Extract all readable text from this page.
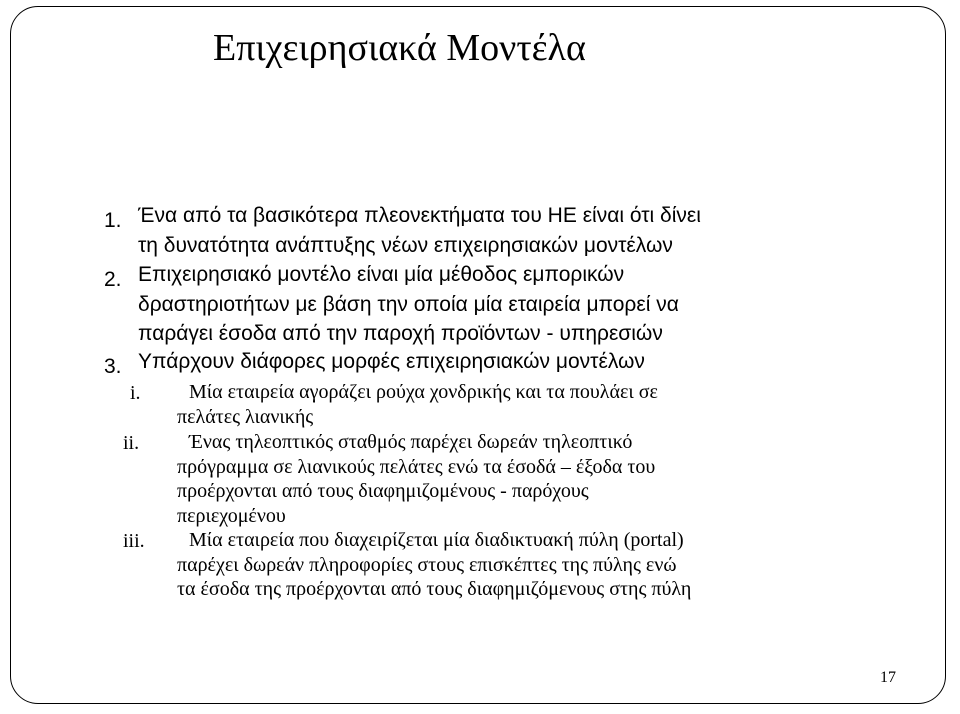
Επιχειρησιακά Μοντέλα
1. Ένα από τα βασικότερα πλεονεκτήματα του ΗΕ είναι ότι δίνει
τη δυνατότητα ανάπτυξης νέων επιχειρησιακών μοντέλων
2. Επιχειρησιακό μοντέλο είναι μία μέθοδος εμπορικών
δραστηριοτήτων με βάση την οποία μία εταιρεία μπορεί να
παράγει έσοδα από την παροχή προϊόντων - υπηρεσιών
3. Υπάρχουν διάφορες μορφές επιχειρησιακών μοντέλων
i.	Μία εταιρεία αγοράζει ρούχα χονδρικής και τα πουλάει σε
πελάτες λιανικής
ii.	Ένας τηλεοπτικός σταθμός παρέχει δωρεάν τηλεοπτικό
πρόγραμμα σε λιανικούς πελάτες ενώ τα έσοδά – έξοδα του
προέρχονται από τους διαφημιζομένους - παρόχους
περιεχομένου
iii.	Μία εταιρεία που διαχειρίζεται μία διαδικτυακή πύλη (portal)
παρέχει δωρεάν πληροφορίες στους επισκέπτες της πύλης ενώ
τα έσοδα της προέρχονται από τους διαφημιζόμενους στης πύλη
17
